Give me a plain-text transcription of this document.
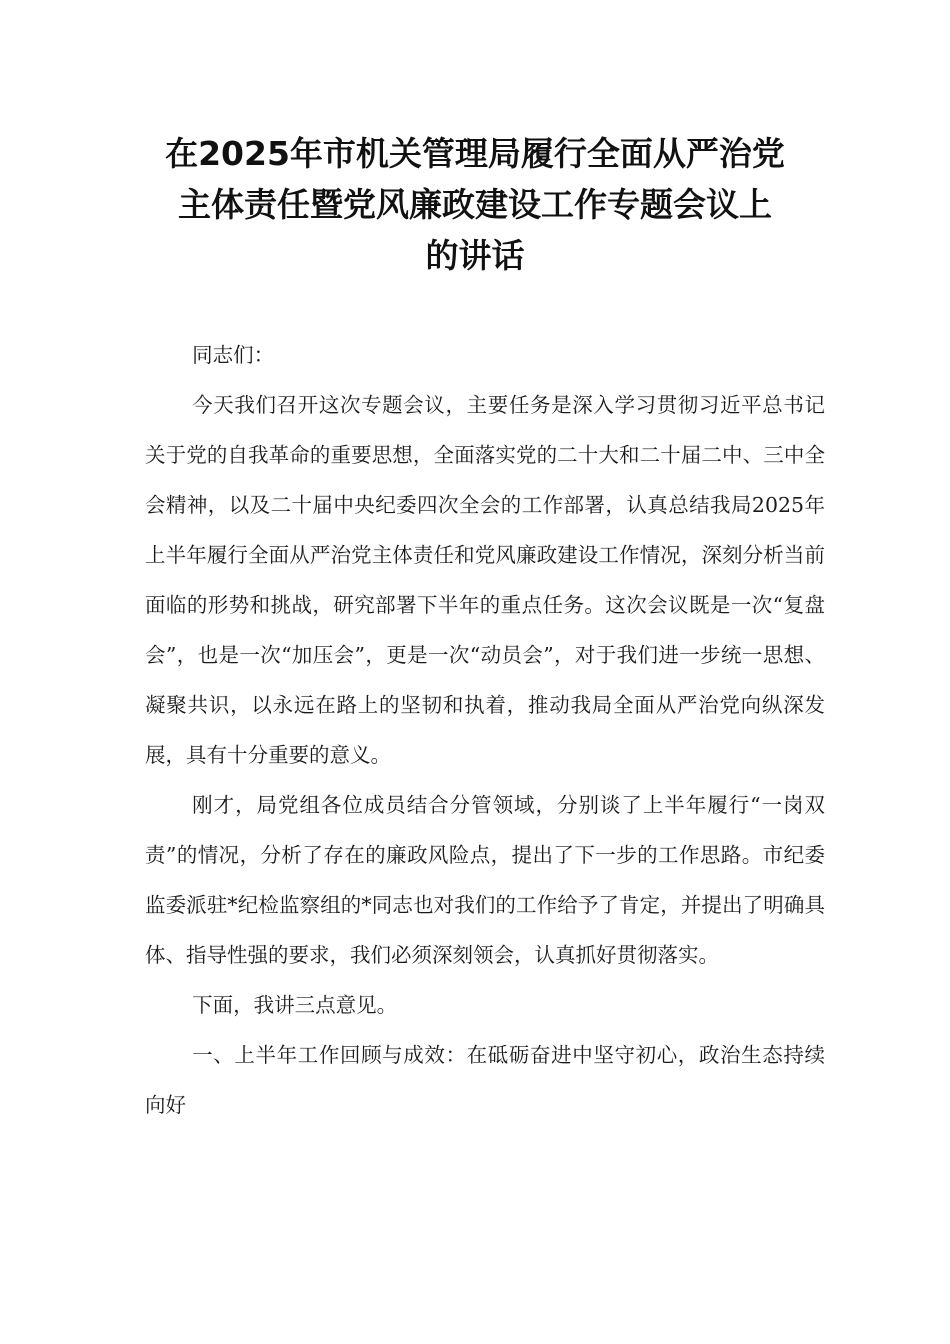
在2025年市机关管理局履行全面从严治党
主体责任暨党风廉政建设工作专题会议上
的讲话

同志们：

今天我们召开这次专题会议，主要任务是深入学习贯彻习近平总书记关于党的自我革命的重要思想，全面落实党的二十大和二十届二中、三中全会精神，以及二十届中央纪委四次全会的工作部署，认真总结我局2025年上半年履行全面从严治党主体责任和党风廉政建设工作情况，深刻分析当前面临的形势和挑战，研究部署下半年的重点任务。这次会议既是一次“复盘会”，也是一次“加压会”，更是一次“动员会”，对于我们进一步统一思想、凝聚共识，以永远在路上的坚韧和执着，推动我局全面从严治党向纵深发展，具有十分重要的意义。

刚才，局党组各位成员结合分管领域，分别谈了上半年履行“一岗双责”的情况，分析了存在的廉政风险点，提出了下一步的工作思路。市纪委监委派驻*纪检监察组的*同志也对我们的工作给予了肯定，并提出了明确具体、指导性强的要求，我们必须深刻领会，认真抓好贯彻落实。

下面，我讲三点意见。

一、上半年工作回顾与成效：在砥砺奋进中坚守初心，政治生态持续向好
